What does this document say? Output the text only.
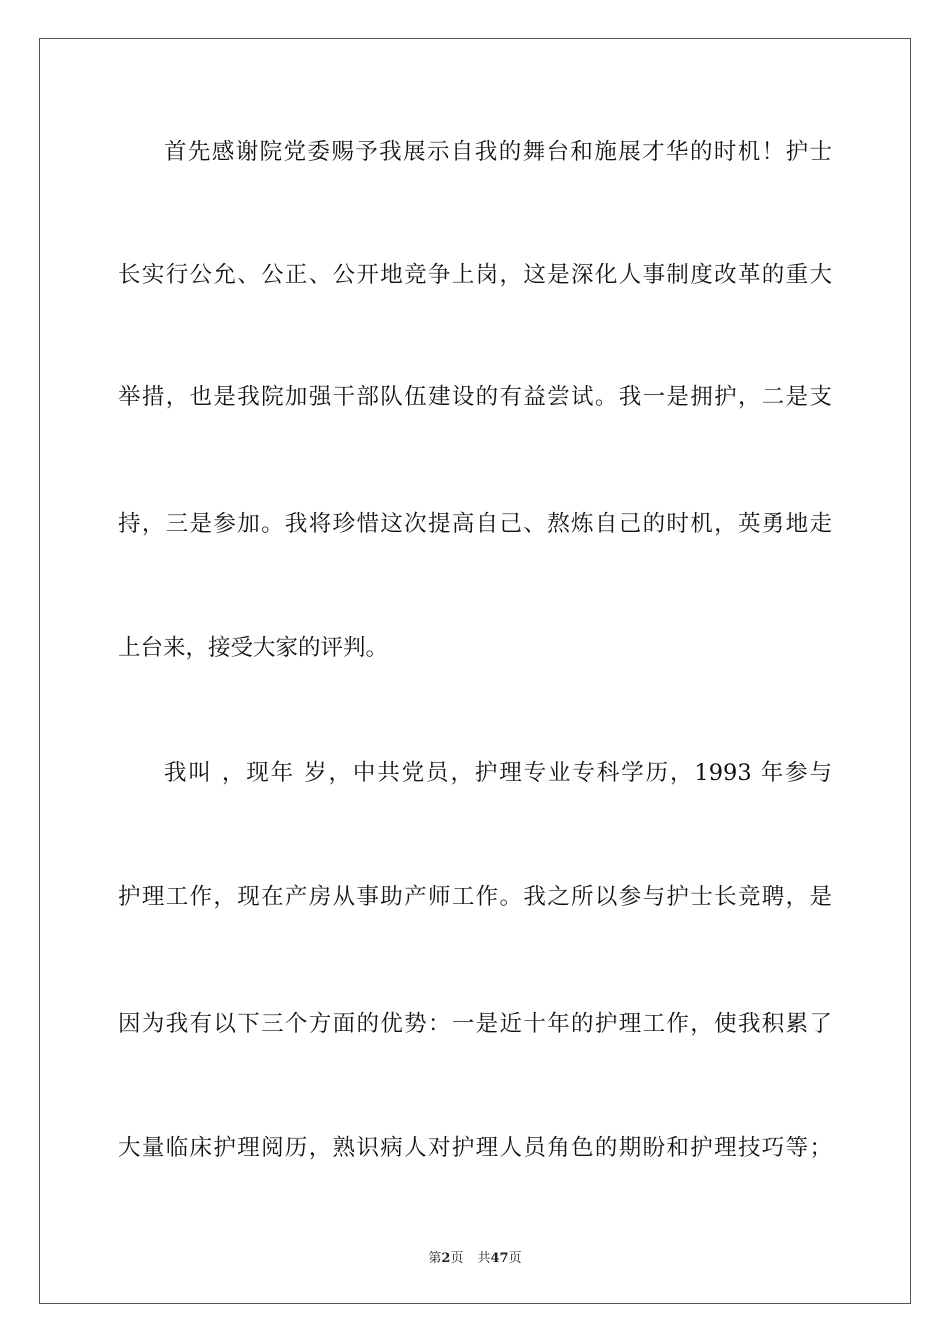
首先感谢院党委赐予我展示自我的舞台和施展才华的时机！护士
长实行公允、公正、公开地竞争上岗，这是深化人事制度改革的重大
举措，也是我院加强干部队伍建设的有益尝试。我一是拥护，二是支
持，三是参加。我将珍惜这次提高自己、熬炼自己的时机，英勇地走
上台来，接受大家的评判。
我叫 ，现年 岁，中共党员，护理专业专科学历，1993 年参与
护理工作，现在产房从事助产师工作。我之所以参与护士长竞聘，是
因为我有以下三个方面的优势：一是近十年的护理工作，使我积累了
大量临床护理阅历，熟识病人对护理人员角色的期盼和护理技巧等；
第2页 共47页
